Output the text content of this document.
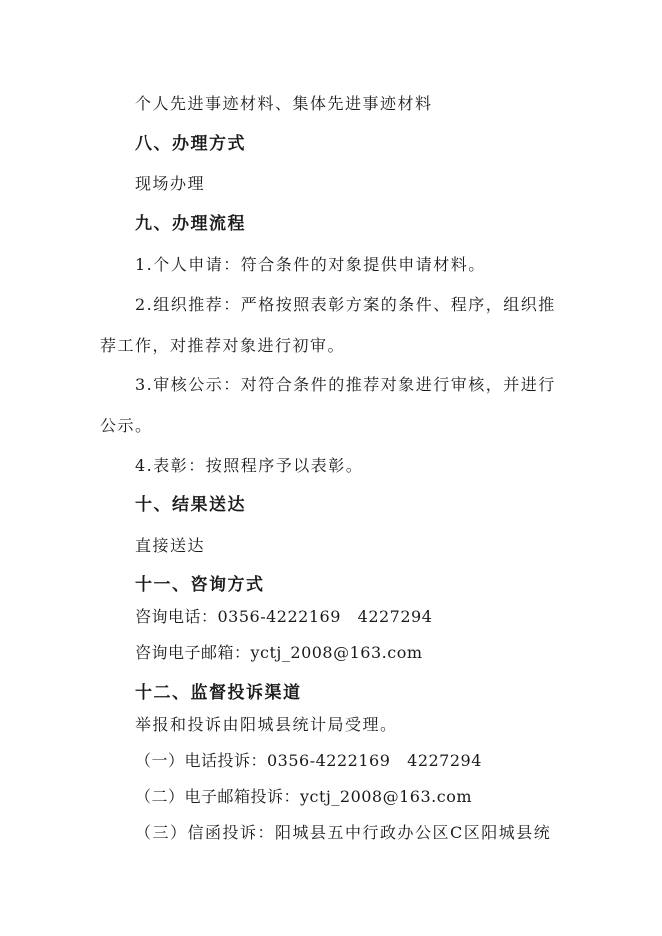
个人先进事迹材料、集体先进事迹材料
八、办理方式
现场办理
九、办理流程
1.个人申请：符合条件的对象提供申请材料。
2.组织推荐：严格按照表彰方案的条件、程序，组织推
荐工作，对推荐对象进行初审。
3.审核公示：对符合条件的推荐对象进行审核，并进行
公示。
4.表彰：按照程序予以表彰。
十、结果送达
直接送达
十一、咨询方式
咨询电话：0356-4222169   4227294
咨询电子邮箱：yctj_2008@163.com
十二、监督投诉渠道
举报和投诉由阳城县统计局受理。
（一）电话投诉：0356-4222169   4227294
（二）电子邮箱投诉：yctj_2008@163.com
（三）信函投诉：阳城县五中行政办公区C区阳城县统
